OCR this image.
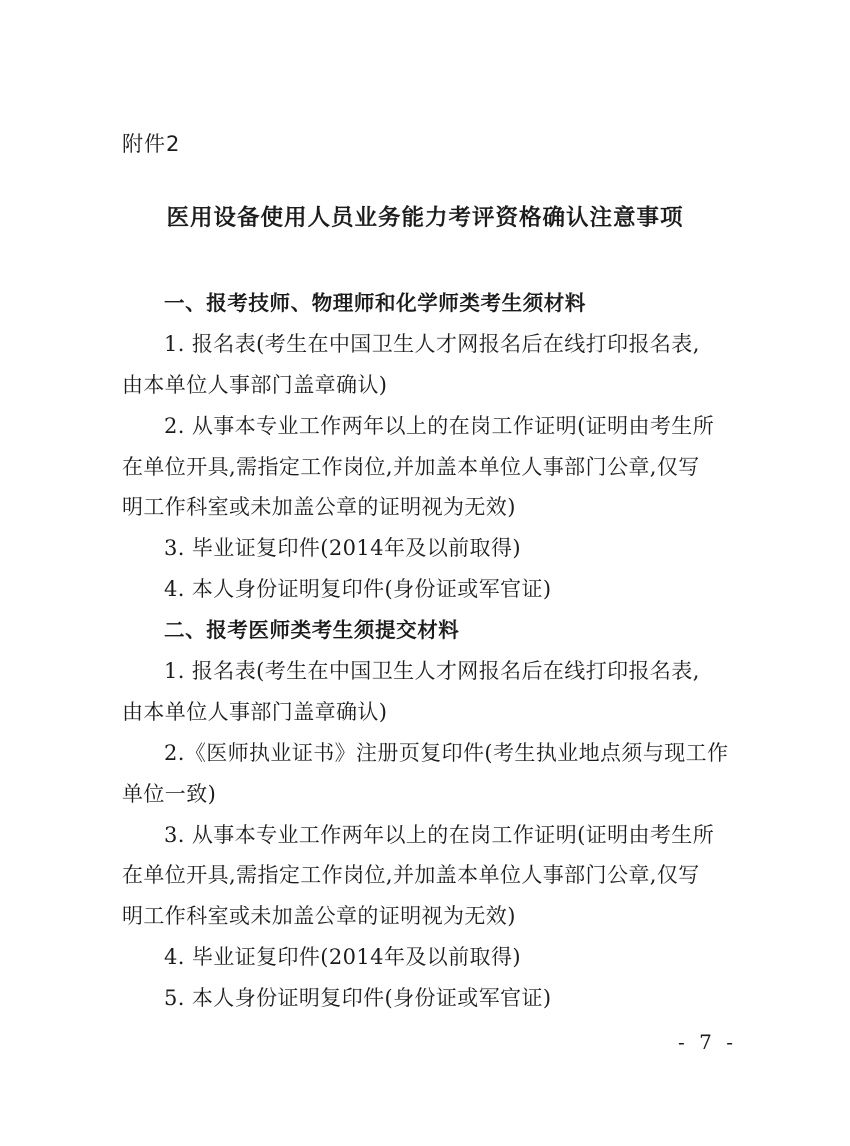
附件2
医用设备使用人员业务能力考评资格确认注意事项
一、报考技师、物理师和化学师类考生须材料
1. 报名表(考生在中国卫生人才网报名后在线打印报名表,
由本单位人事部门盖章确认)
2. 从事本专业工作两年以上的在岗工作证明(证明由考生所
在单位开具,需指定工作岗位,并加盖本单位人事部门公章,仅写
明工作科室或未加盖公章的证明视为无效)
3. 毕业证复印件(2014年及以前取得)
4. 本人身份证明复印件(身份证或军官证)
二、报考医师类考生须提交材料
1. 报名表(考生在中国卫生人才网报名后在线打印报名表,
由本单位人事部门盖章确认)
2.《医师执业证书》注册页复印件(考生执业地点须与现工作
单位一致)
3. 从事本专业工作两年以上的在岗工作证明(证明由考生所
在单位开具,需指定工作岗位,并加盖本单位人事部门公章,仅写
明工作科室或未加盖公章的证明视为无效)
4. 毕业证复印件(2014年及以前取得)
5. 本人身份证明复印件(身份证或军官证)
- 7 -
